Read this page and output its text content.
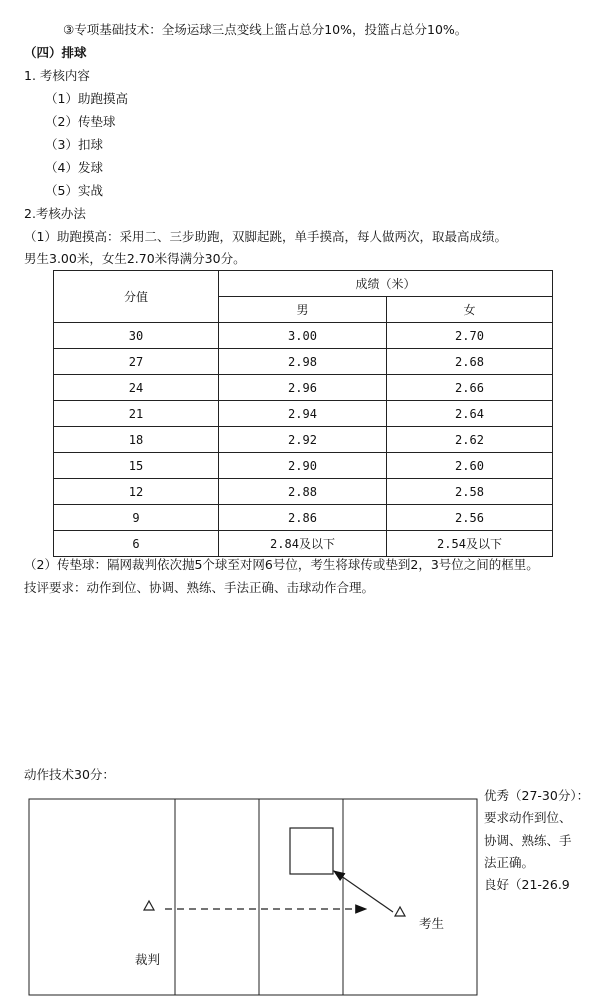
③专项基础技术：全场运球三点变线上篮占总分10%，投篮占总分10%。
（四）排球
1. 考核内容
（1）助跑摸高
（2）传垫球
（3）扣球
（4）发球
（5）实战
2.考核办法
（1）助跑摸高：采用二、三步助跑，双脚起跳，单手摸高，每人做两次，取最高成绩。
男生3.00米，女生2.70米得满分30分。
分值	成绩（米）	
	男	女
30	3.00	2.70
27	2.98	2.68
24	2.96	2.66
21	2.94	2.64
18	2.92	2.62
15	2.90	2.60
12	2.88	2.58
9	2.86	2.56
6	2.84及以下	2.54及以下
（2）传垫球：隔网裁判依次抛5个球至对网6号位，考生将球传或垫到2，3号位之间的框里。
技评要求：动作到位、协调、熟练、手法正确、击球动作合理。
动作技术30分：
裁判
考生
优秀（27-30分）：
要求动作到位、
协调、熟练、手
法正确。
良好（21-26.9
